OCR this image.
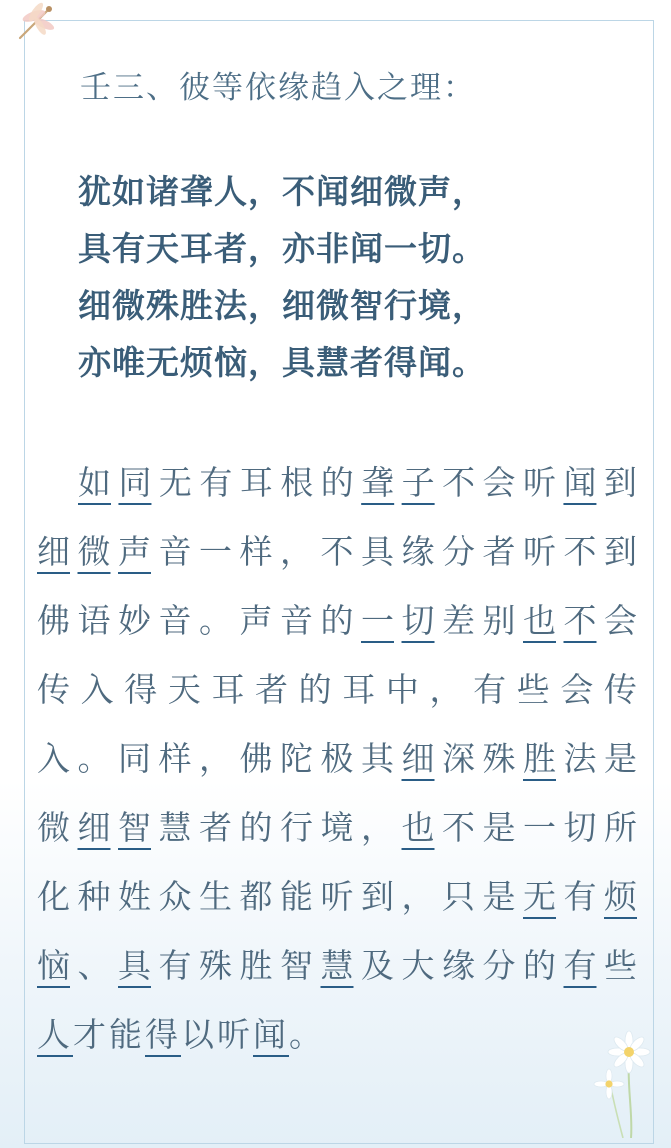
壬三、彼等依缘趋入之理：
犹如诸聋人，不闻细微声，
具有天耳者，亦非闻一切。
细微殊胜法，细微智行境，
亦唯无烦恼，具慧者得闻。
如 同 无 有 耳 根 的 聋 子 不 会 听 闻 到
细 微 声 音 一 样 ， 不 具 缘 分 者 听 不 到
佛 语 妙 音 。 声 音 的 一 切 差 别 也 不 会
传 入 得 天 耳 者 的 耳 中 ， 有 些 会 传
入 。 同 样 ， 佛 陀 极 其 细 深 殊 胜 法 是
微 细 智 慧 者 的 行 境 ， 也 不 是 一 切 所
化 种 姓 众 生 都 能 听 到 ， 只 是 无 有 烦
恼 、 具 有 殊 胜 智 慧 及 大 缘 分 的 有 些
人 才 能 得 以 听 闻 。
